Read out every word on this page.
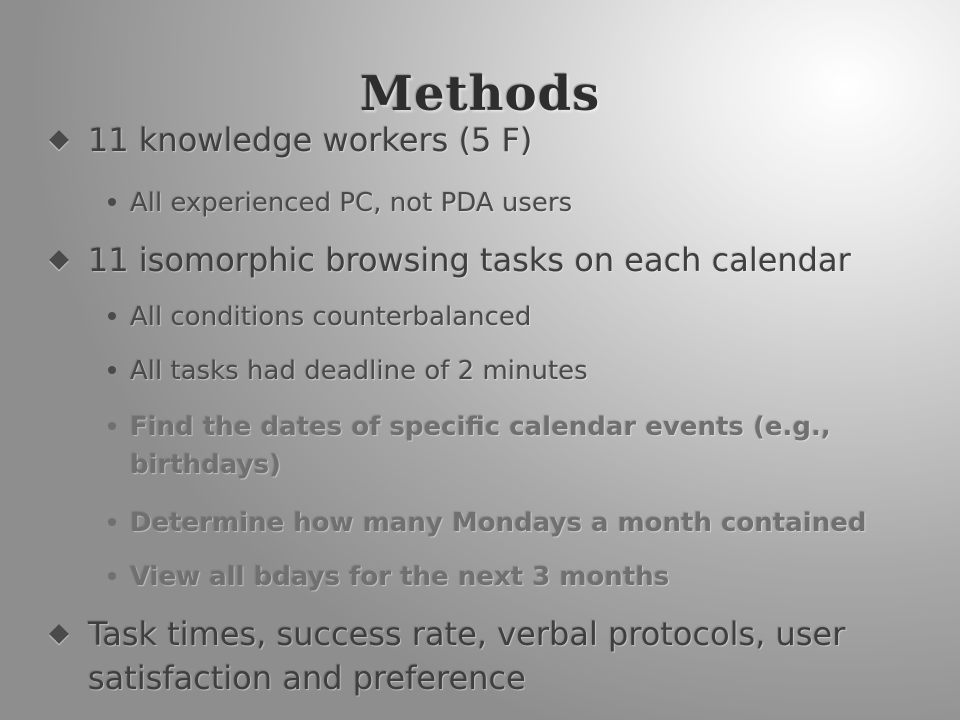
Methods
11 knowledge workers (5 F)
All experienced PC, not PDA users
11 isomorphic browsing tasks on each calendar
All conditions counterbalanced
All tasks had deadline of 2 minutes
Find the dates of specific calendar events (e.g., birthdays)
Determine how many Mondays a month contained
View all bdays for the next 3 months
Task times, success rate, verbal protocols, user satisfaction and preference
